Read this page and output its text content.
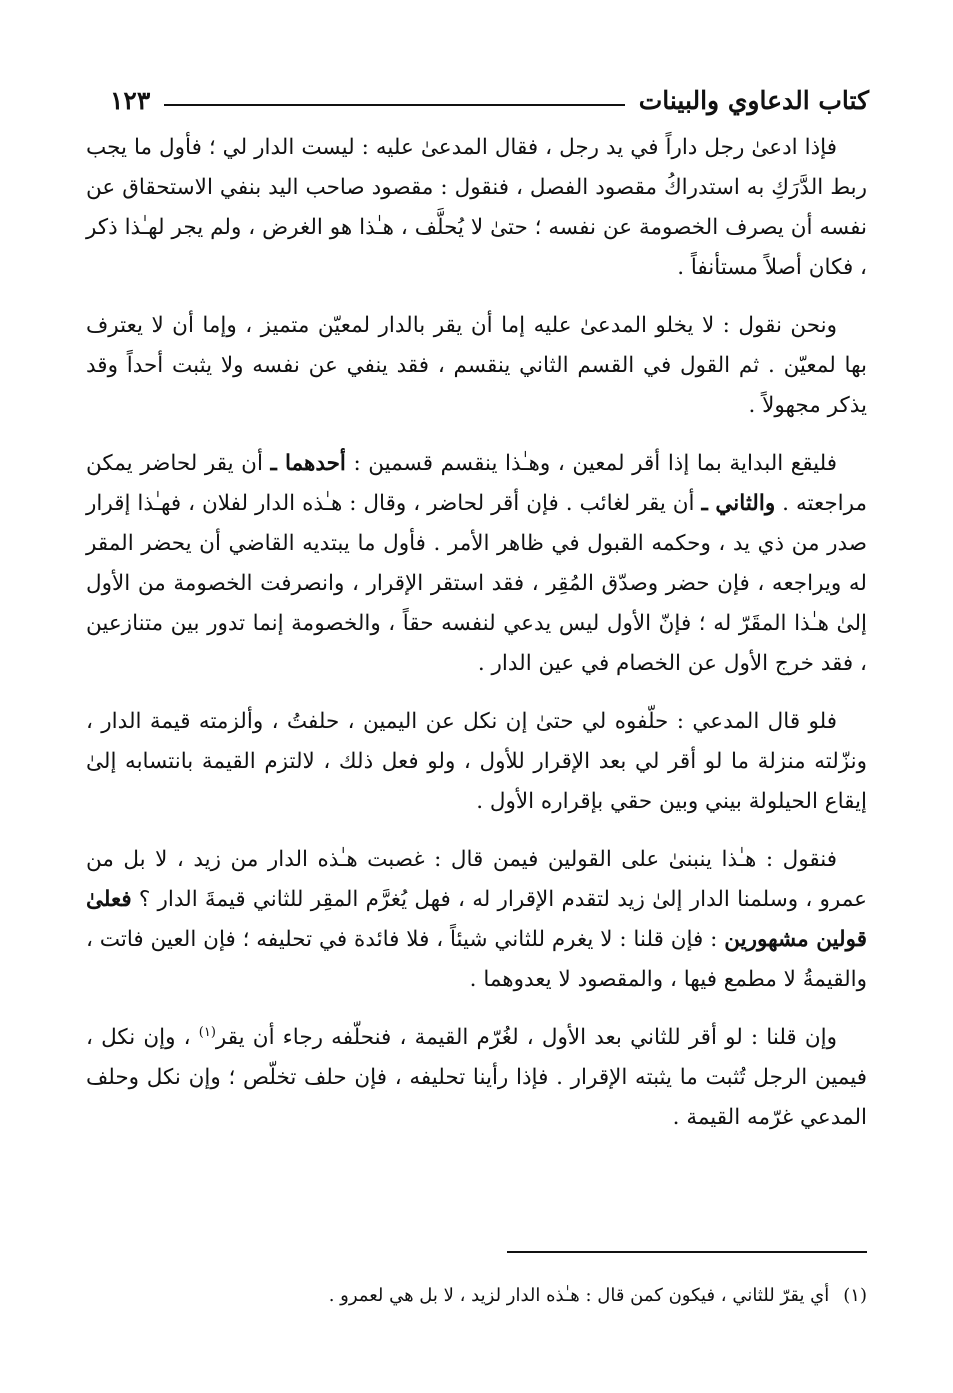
كتاب الدعاوي والبينات
١٢٣

فإذا ادعىٰ رجل داراً في يد رجل ، فقال المدعىٰ عليه : ليست الدار لي ؛ فأول ما يجب ربط الدَّرَكِ به استدراكُ مقصود الفصل ، فنقول : مقصود صاحب اليد بنفي الاستحقاق عن نفسه أن يصرف الخصومة عن نفسه ؛ حتىٰ لا يُحلَّف ، هـٰذا هو الغرض ، ولم يجر لهـٰذا ذكر ، فكان أصلاً مستأنفاً .

ونحن نقول : لا يخلو المدعىٰ عليه إما أن يقر بالدار لمعيّن متميز ، وإما أن لا يعترف بها لمعيّن . ثم القول في القسم الثاني ينقسم ، فقد ينفي عن نفسه ولا يثبت أحداً وقد يذكر مجهولاً .

فليقع البداية بما إذا أقر لمعين ، وهـٰذا ينقسم قسمين : أحدهما ـ أن يقر لحاضر يمكن مراجعته . والثاني ـ أن يقر لغائب . فإن أقر لحاضر ، وقال : هـٰذه الدار لفلان ، فهـٰذا إقرار صدر من ذي يد ، وحكمه القبول في ظاهر الأمر . فأول ما يبتديه القاضي أن يحضر المقر له ويراجعه ، فإن حضر وصدّق المُقِر ، فقد استقر الإقرار ، وانصرفت الخصومة من الأول إلىٰ هـٰذا المقَرّ له ؛ فإنّ الأول ليس يدعي لنفسه حقاً ، والخصومة إنما تدور بين متنازعين ، فقد خرج الأول عن الخصام في عين الدار .

فلو قال المدعي : حلّفوه لي حتىٰ إن نكل عن اليمين ، حلفتُ ، وألزمته قيمة الدار ، ونزّلته منزلة ما لو أقر لي بعد الإقرار للأول ، ولو فعل ذلك ، لالتزم القيمة بانتسابه إلىٰ إيقاع الحيلولة بيني وبين حقي بإقراره الأول .

فنقول : هـٰذا ينبنىٰ على القولين فيمن قال : غصبت هـٰذه الدار من زيد ، لا بل من عمرو ، وسلمنا الدار إلىٰ زيد لتقدم الإقرار له ، فهل يُغرَّم المقِر للثاني قيمةَ الدار ؟ فعلىٰ قولين مشهورين : فإن قلنا : لا يغرم للثاني شيئاً ، فلا فائدة في تحليفه ؛ فإن العين فاتت ، والقيمةُ لا مطمع فيها ، والمقصود لا يعدوهما .

وإن قلنا : لو أقر للثاني بعد الأول ، لغُرّم القيمة ، فنحلّفه رجاء أن يقر$^{(١)}$ ، وإن نكل ، فيمين الرجل تُثبت ما يثبته الإقرار . فإذا رأينا تحليفه ، فإن حلف تخلّص ؛ وإن نكل وحلف المدعي غرّمه القيمة .

(١)أي يقرّ للثاني ، فيكون كمن قال : هـٰذه الدار لزيد ، لا بل هي لعمرو .
